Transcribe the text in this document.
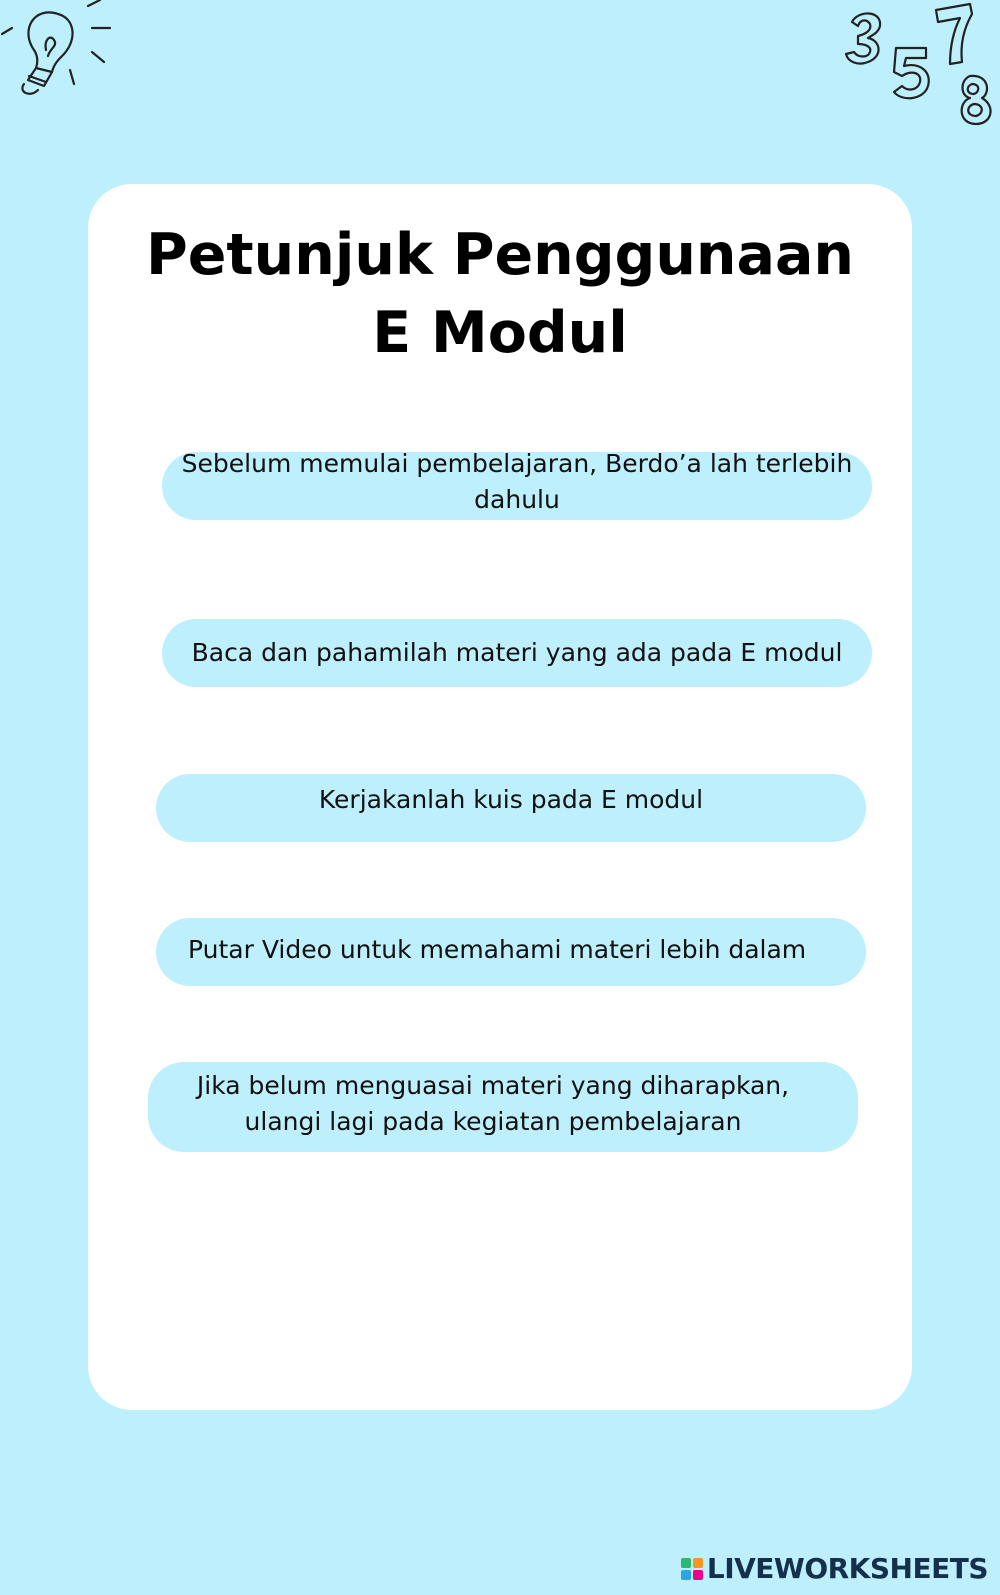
Petunjuk Penggunaan
E Modul
Sebelum memulai pembelajaran, Berdo’a lah terlebih dahulu
Baca dan pahamilah materi yang ada pada E modul
Kerjakanlah kuis pada E modul
Putar Video untuk memahami materi lebih dalam
Jika belum menguasai materi yang diharapkan, ulangi lagi pada kegiatan pembelajaran
LIVEWORKSHEETS
